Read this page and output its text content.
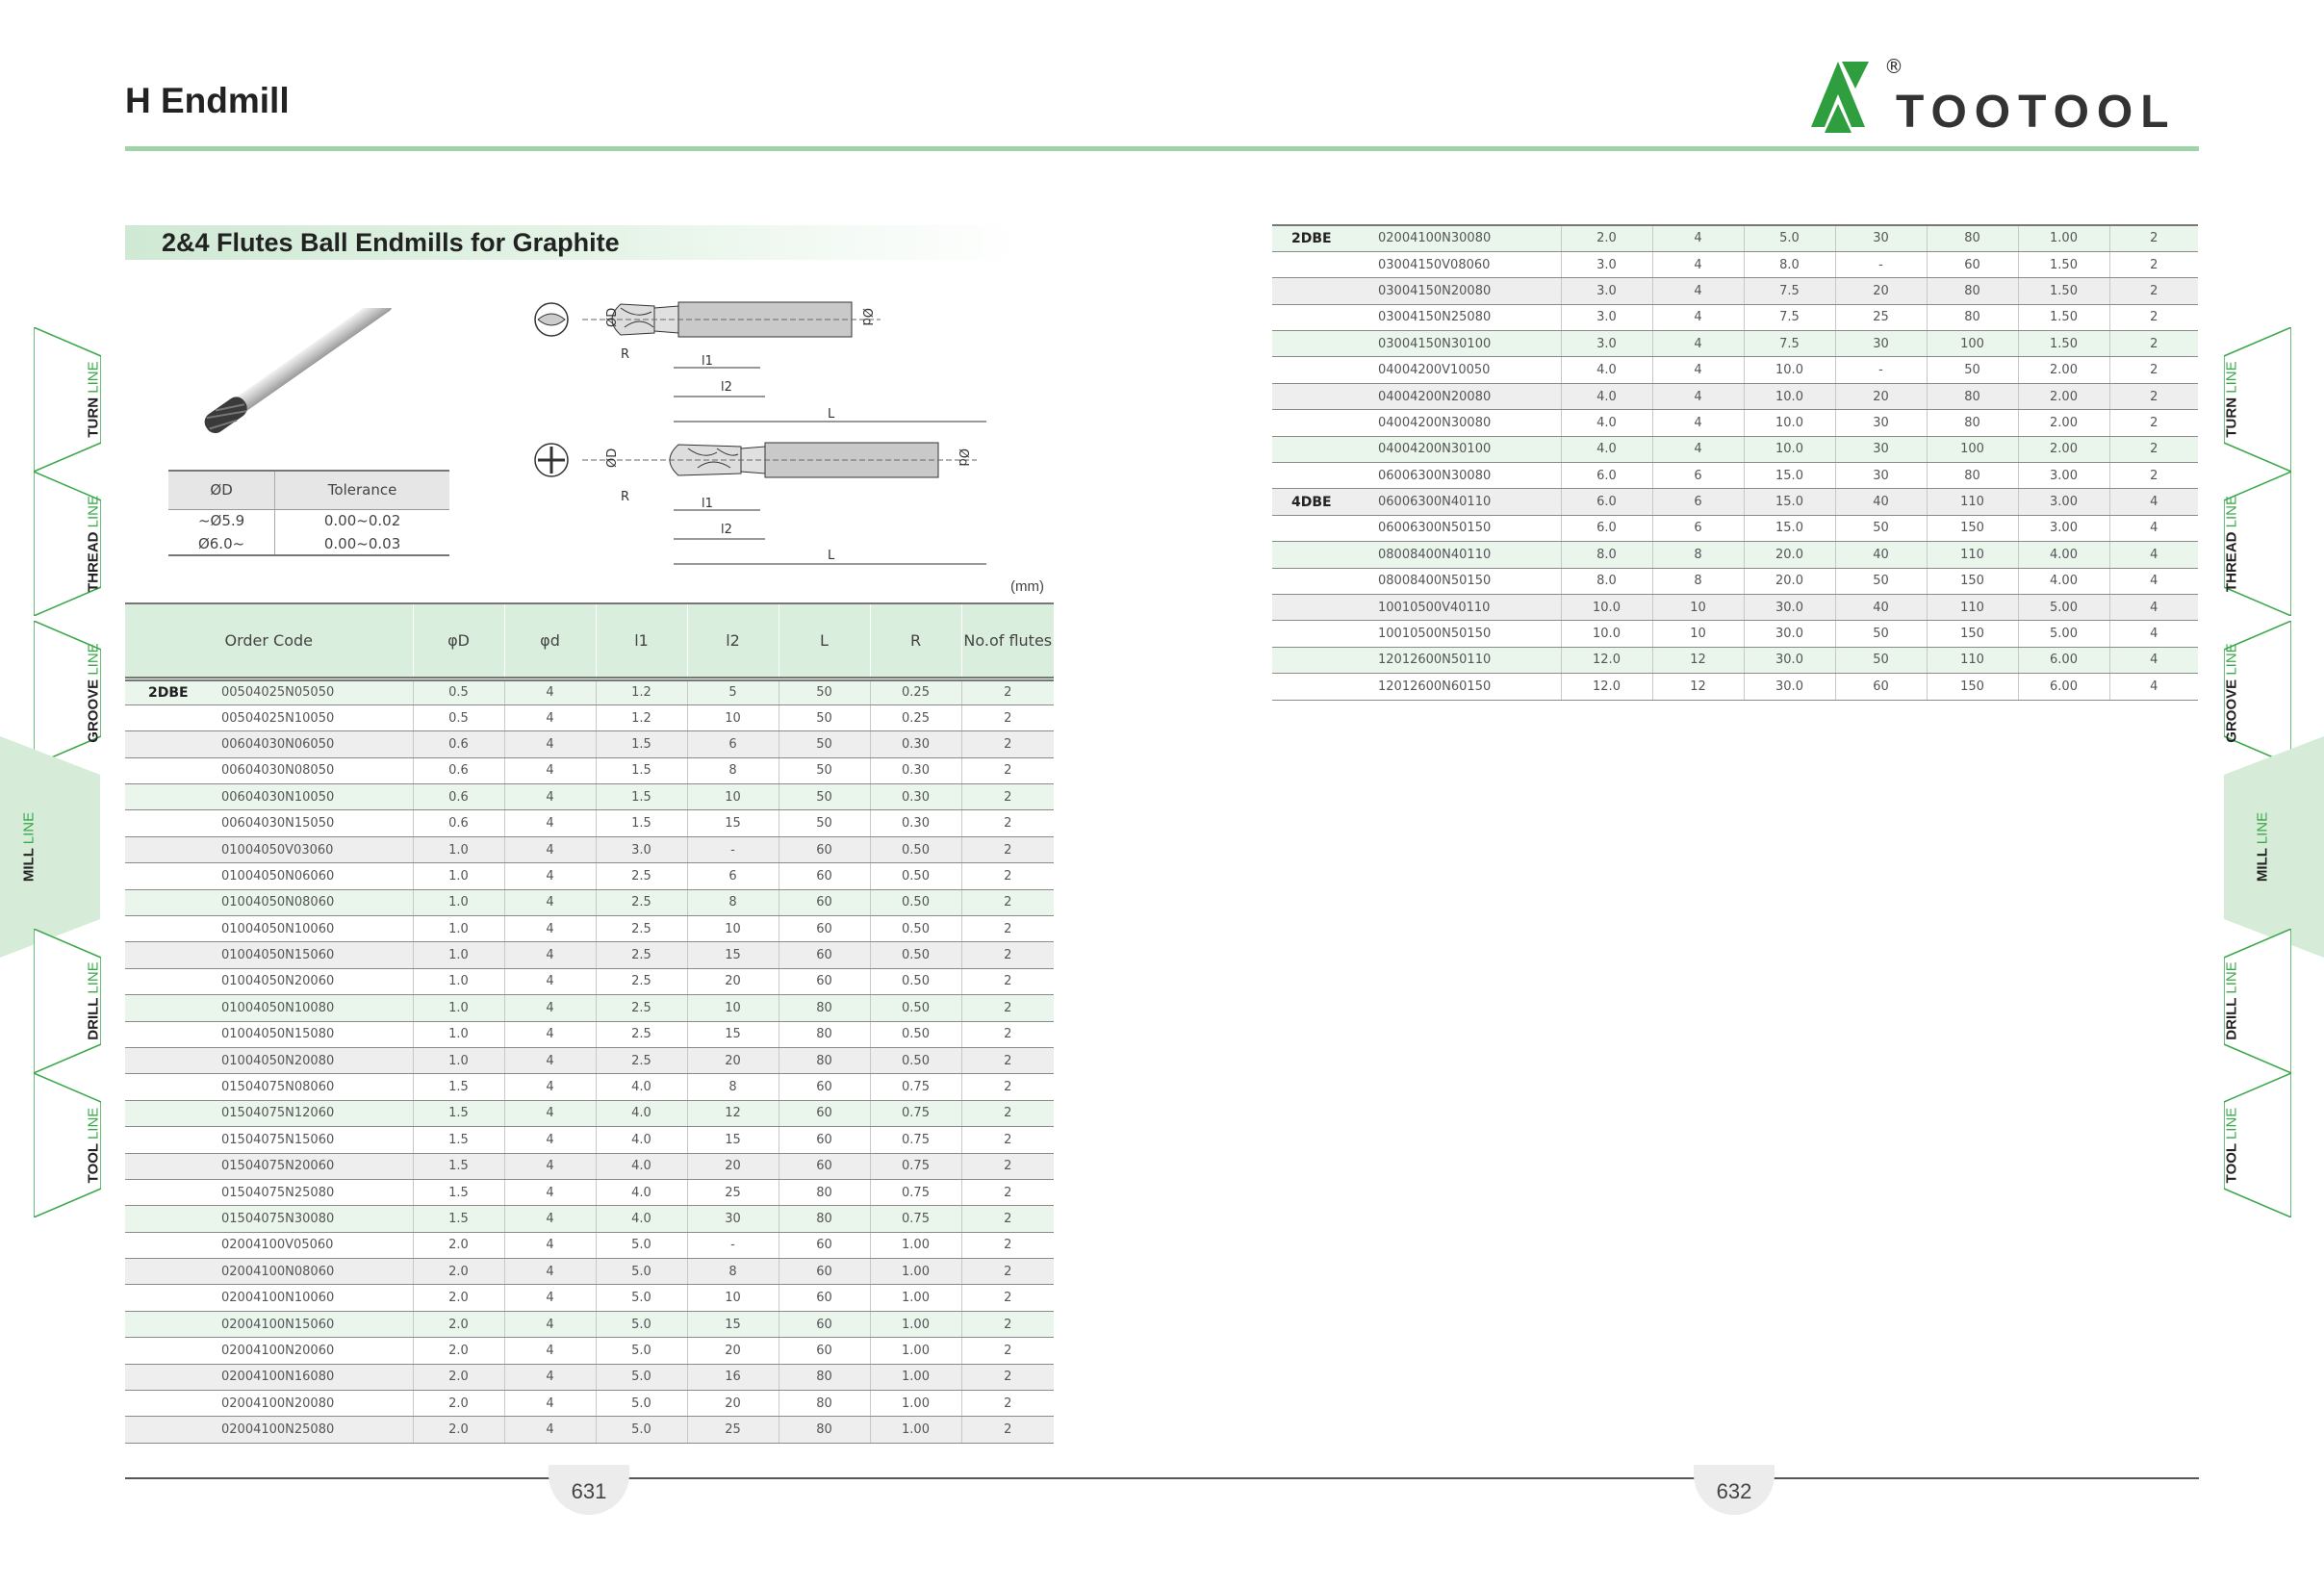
H Endmill	TOOTOOL
®
2&4 Flutes Ball Endmills for Graphite
ØD	Ød
R	l1
l2
L
ØD	Ød
R	l1
l2
L
ØD	Tolerance
~Ø5.9	0.00~0.02
Ø6.0~	0.00~0.03
(mm)
Order Code		φD	φd	l1	l2	L	R	No.of flutes
2DBE	00504025N05050	0.5	4	1.2	5	50	0.25	2
	00504025N10050	0.5	4	1.2	10	50	0.25	2
	00604030N06050	0.6	4	1.5	6	50	0.30	2
	00604030N08050	0.6	4	1.5	8	50	0.30	2
	00604030N10050	0.6	4	1.5	10	50	0.30	2
	00604030N15050	0.6	4	1.5	15	50	0.30	2
	01004050V03060	1.0	4	3.0	-	60	0.50	2
	01004050N06060	1.0	4	2.5	6	60	0.50	2
	01004050N08060	1.0	4	2.5	8	60	0.50	2
	01004050N10060	1.0	4	2.5	10	60	0.50	2
	01004050N15060	1.0	4	2.5	15	60	0.50	2
	01004050N20060	1.0	4	2.5	20	60	0.50	2
	01004050N10080	1.0	4	2.5	10	80	0.50	2
	01004050N15080	1.0	4	2.5	15	80	0.50	2
	01004050N20080	1.0	4	2.5	20	80	0.50	2
	01504075N08060	1.5	4	4.0	8	60	0.75	2
	01504075N12060	1.5	4	4.0	12	60	0.75	2
	01504075N15060	1.5	4	4.0	15	60	0.75	2
	01504075N20060	1.5	4	4.0	20	60	0.75	2
	01504075N25080	1.5	4	4.0	25	80	0.75	2
	01504075N30080	1.5	4	4.0	30	80	0.75	2
	02004100V05060	2.0	4	5.0	-	60	1.00	2
	02004100N08060	2.0	4	5.0	8	60	1.00	2
	02004100N10060	2.0	4	5.0	10	60	1.00	2
	02004100N15060	2.0	4	5.0	15	60	1.00	2
	02004100N20060	2.0	4	5.0	20	60	1.00	2
	02004100N16080	2.0	4	5.0	16	80	1.00	2
	02004100N20080	2.0	4	5.0	20	80	1.00	2
	02004100N25080	2.0	4	5.0	25	80	1.00	2
2DBE	02004100N30080	2.0	4	5.0	30	80	1.00	2
	03004150V08060	3.0	4	8.0	-	60	1.50	2
	03004150N20080	3.0	4	7.5	20	80	1.50	2
	03004150N25080	3.0	4	7.5	25	80	1.50	2
	03004150N30100	3.0	4	7.5	30	100	1.50	2
	04004200V10050	4.0	4	10.0	-	50	2.00	2
	04004200N20080	4.0	4	10.0	20	80	2.00	2
	04004200N30080	4.0	4	10.0	30	80	2.00	2
	04004200N30100	4.0	4	10.0	30	100	2.00	2
	06006300N30080	6.0	6	15.0	30	80	3.00	2
4DBE	06006300N40110	6.0	6	15.0	40	110	3.00	4
	06006300N50150	6.0	6	15.0	50	150	3.00	4
	08008400N40110	8.0	8	20.0	40	110	4.00	4
	08008400N50150	8.0	8	20.0	50	150	4.00	4
	10010500V40110	10.0	10	30.0	40	110	5.00	4
	10010500N50150	10.0	10	30.0	50	150	5.00	4
	12012600N50110	12.0	12	30.0	50	110	6.00	4
	12012600N60150	12.0	12	30.0	60	150	6.00	4
631	632
TURN LINE
THREAD LINE
GROOVE LINE
MILL LINE
DRILL LINE
TOOL LINE
TURN LINE
THREAD LINE
GROOVE LINE
MILL LINE
DRILL LINE
TOOL LINE
